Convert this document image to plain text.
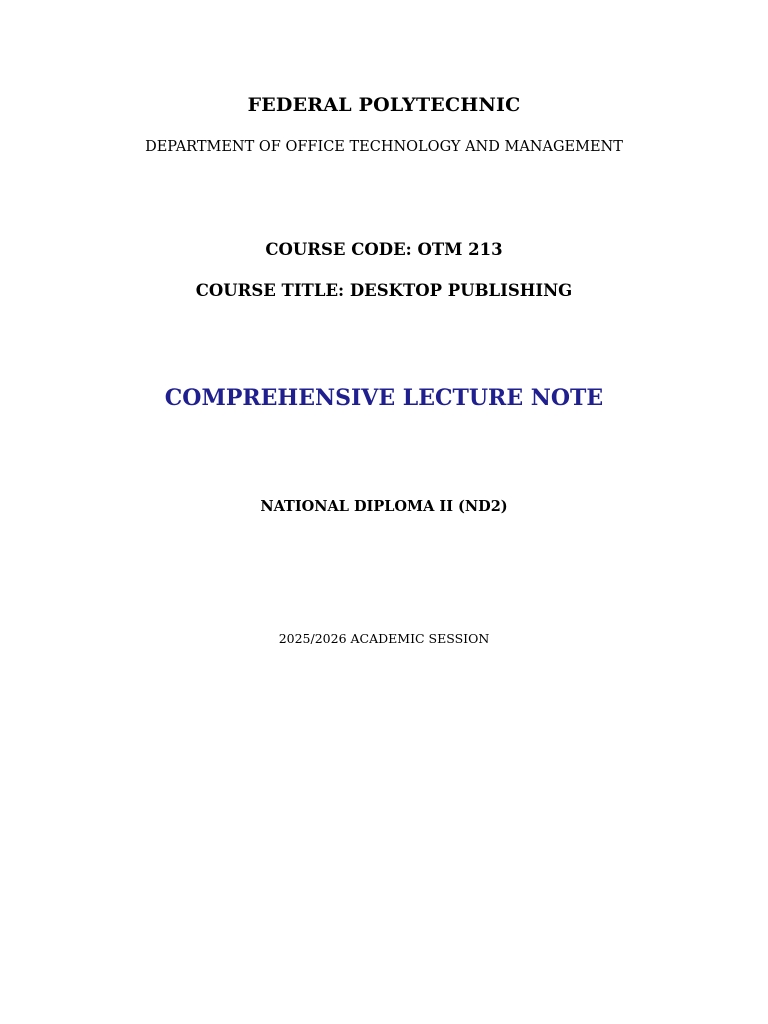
FEDERAL POLYTECHNIC
DEPARTMENT OF OFFICE TECHNOLOGY AND MANAGEMENT
COURSE CODE: OTM 213
COURSE TITLE: DESKTOP PUBLISHING
COMPREHENSIVE LECTURE NOTE
NATIONAL DIPLOMA II (ND2)
2025/2026 ACADEMIC SESSION
